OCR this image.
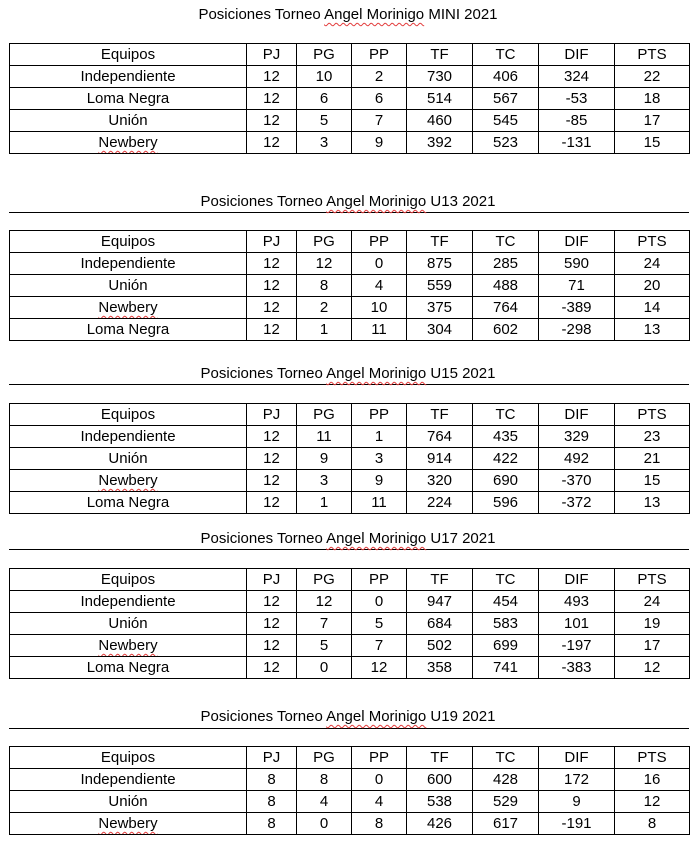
Posiciones Torneo Angel Morinigo MINI 2021
Equipos	PJ	PG	PP	TF	TC	DIF	PTS
Independiente	12	10	2	730	406	324	22
Loma Negra	12	6	6	514	567	-53	18
Unión	12	5	7	460	545	-85	17
Newbery	12	3	9	392	523	-131	15
Posiciones Torneo Angel Morinigo U13 2021
Equipos	PJ	PG	PP	TF	TC	DIF	PTS
Independiente	12	12	0	875	285	590	24
Unión	12	8	4	559	488	71	20
Newbery	12	2	10	375	764	-389	14
Loma Negra	12	1	11	304	602	-298	13
Posiciones Torneo Angel Morinigo U15 2021
Equipos	PJ	PG	PP	TF	TC	DIF	PTS
Independiente	12	11	1	764	435	329	23
Unión	12	9	3	914	422	492	21
Newbery	12	3	9	320	690	-370	15
Loma Negra	12	1	11	224	596	-372	13
Posiciones Torneo Angel Morinigo U17 2021
Equipos	PJ	PG	PP	TF	TC	DIF	PTS
Independiente	12	12	0	947	454	493	24
Unión	12	7	5	684	583	101	19
Newbery	12	5	7	502	699	-197	17
Loma Negra	12	0	12	358	741	-383	12
Posiciones Torneo Angel Morinigo U19 2021
Equipos	PJ	PG	PP	TF	TC	DIF	PTS
Independiente	8	8	0	600	428	172	16
Unión	8	4	4	538	529	9	12
Newbery	8	0	8	426	617	-191	8
